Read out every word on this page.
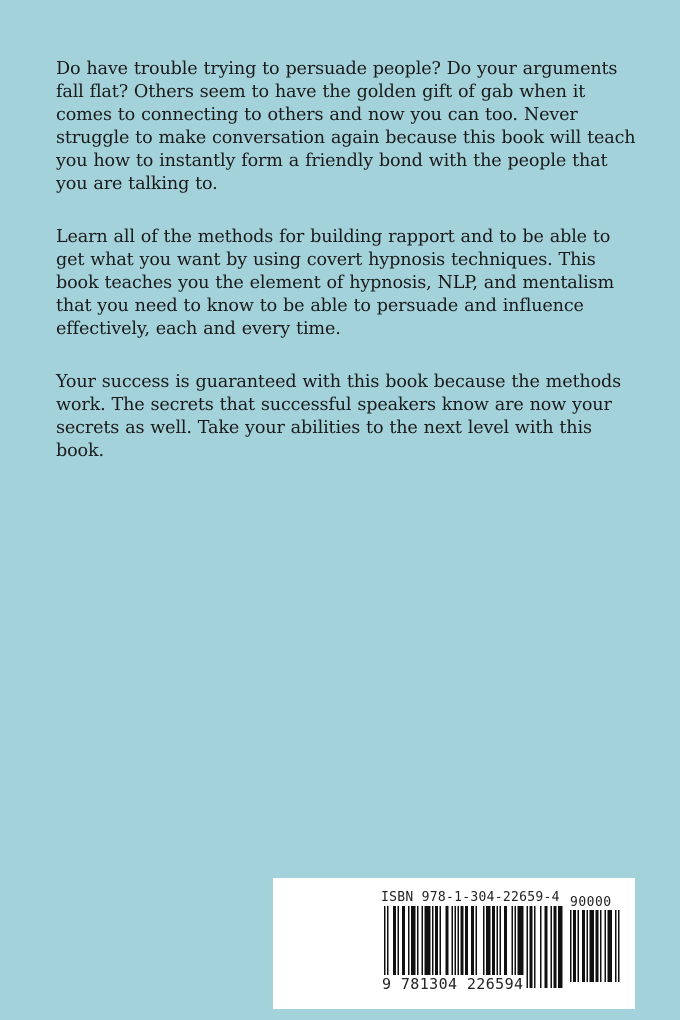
Do have trouble trying to persuade people? Do your arguments fall flat? Others seem to have the golden gift of gab when it comes to connecting to others and now you can too. Never struggle to make conversation again because this book will teach you how to instantly form a friendly bond with the people that you are talking to.

Learn all of the methods for building rapport and to be able to get what you want by using covert hypnosis techniques. This book teaches you the element of hypnosis, NLP, and mentalism that you need to know to be able to persuade and influence effectively, each and every time.

Your success is guaranteed with this book because the methods work. The secrets that successful speakers know are now your secrets as well. Take your abilities to the next level with this book.

ISBN 978-1-304-22659-4 90000
9 781304 226594
